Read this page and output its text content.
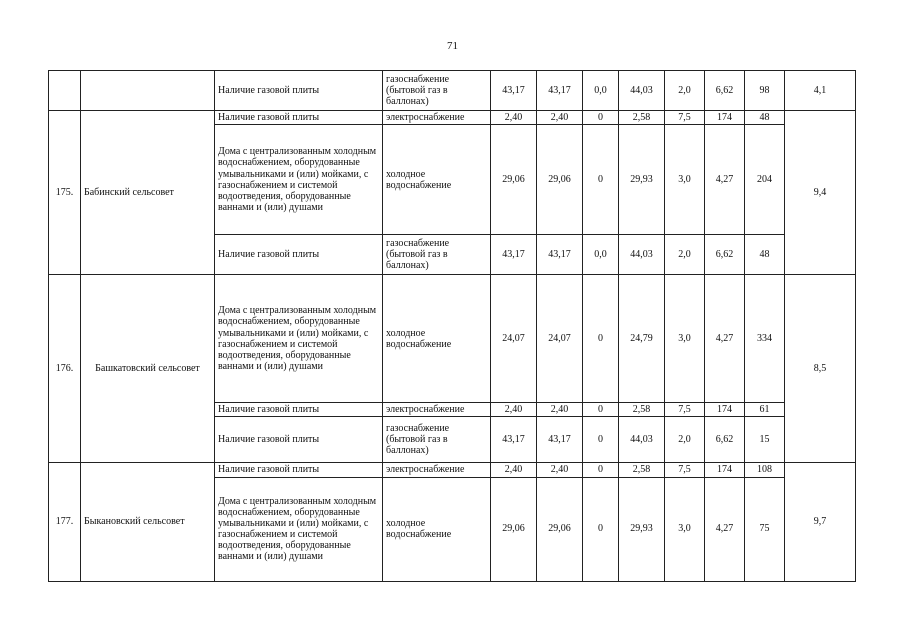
71
		Наличие газовой плиты	газоснабжение (бытовой газ в баллонах)	43,17	43,17	0,0	44,03	2,0	6,62	98	4,1
175.	Бабинский сельсовет	Наличие газовой плиты	электроснабжение	2,40	2,40	0	2,58	7,5	174	48	9,4
		Дома с централизованным холодным водоснабжением, оборудованные умывальниками и (или) мойками, с газоснабжением и системой водоотведения, оборудованные ваннами и (или) душами	холодное водоснабжение	29,06	29,06	0	29,93	3,0	4,27	204	
		Наличие газовой плиты	газоснабжение (бытовой газ в баллонах)	43,17	43,17	0,0	44,03	2,0	6,62	48	
176.	Башкатовский сельсовет	Дома с централизованным холодным водоснабжением, оборудованные умывальниками и (или) мойками, с газоснабжением и системой водоотведения, оборудованные ваннами и (или) душами	холодное водоснабжение	24,07	24,07	0	24,79	3,0	4,27	334	8,5
		Наличие газовой плиты	электроснабжение	2,40	2,40	0	2,58	7,5	174	61	
		Наличие газовой плиты	газоснабжение (бытовой газ в баллонах)	43,17	43,17	0	44,03	2,0	6,62	15	
177.	Быкановский сельсовет	Наличие газовой плиты	электроснабжение	2,40	2,40	0	2,58	7,5	174	108	9,7
		Дома с централизованным холодным водоснабжением, оборудованные умывальниками и (или) мойками, с газоснабжением и системой водоотведения, оборудованные ваннами и (или) душами	холодное водоснабжение	29,06	29,06	0	29,93	3,0	4,27	75	
